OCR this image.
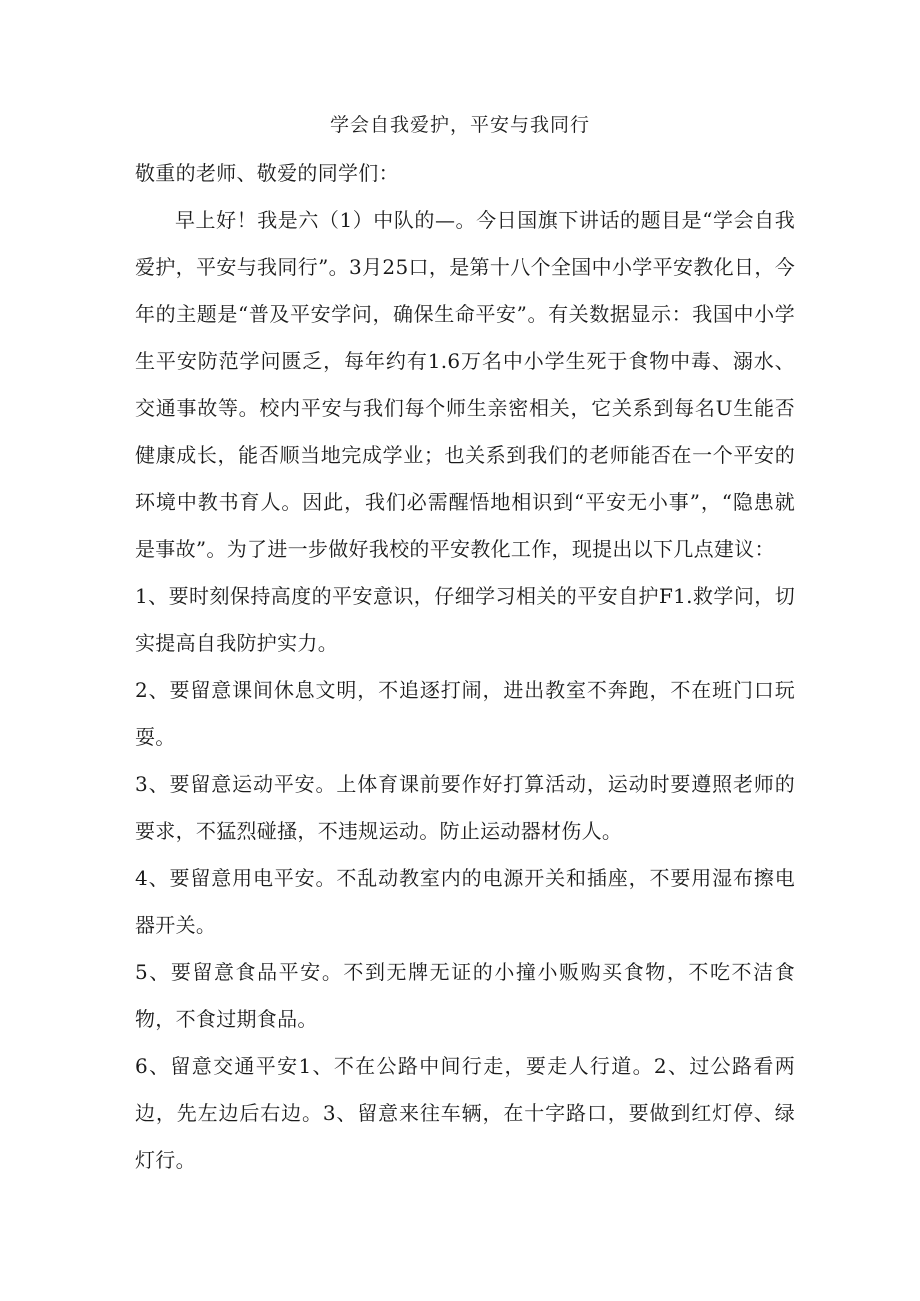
学会自我爱护，平安与我同行

敬重的老师、敬爱的同学们：

早上好！我是六（1）中队的—。今日国旗下讲话的题目是“学会自我爱护，平安与我同行”。3月25口，是第十八个全国中小学平安教化日，今年的主题是“普及平安学问，确保生命平安”。有关数据显示：我国中小学生平安防范学问匮乏，每年约有1.6万名中小学生死于食物中毒、溺水、交通事故等。校内平安与我们每个师生亲密相关，它关系到每名U生能否健康成长，能否顺当地完成学业；也关系到我们的老师能否在一个平安的环境中教书育人。因此，我们必需醒悟地相识到“平安无小事”，“隐患就是事故”。为了进一步做好我校的平安教化工作，现提出以下几点建议：

1、要时刻保持高度的平安意识，仔细学习相关的平安自护F1.救学问，切实提高自我防护实力。

2、要留意课间休息文明，不追逐打闹，进出教室不奔跑，不在班门口玩耍。

3、要留意运动平安。上体育课前要作好打算活动，运动时要遵照老师的要求，不猛烈碰搔，不违规运动。防止运动器材伤人。

4、要留意用电平安。不乱动教室内的电源开关和插座，不要用湿布擦电器开关。

5、要留意食品平安。不到无牌无证的小撞小贩购买食物，不吃不洁食物，不食过期食品。

6、留意交通平安1、不在公路中间行走，要走人行道。2、过公路看两边，先左边后右边。3、留意来往车辆，在十字路口，要做到红灯停、绿灯行。
